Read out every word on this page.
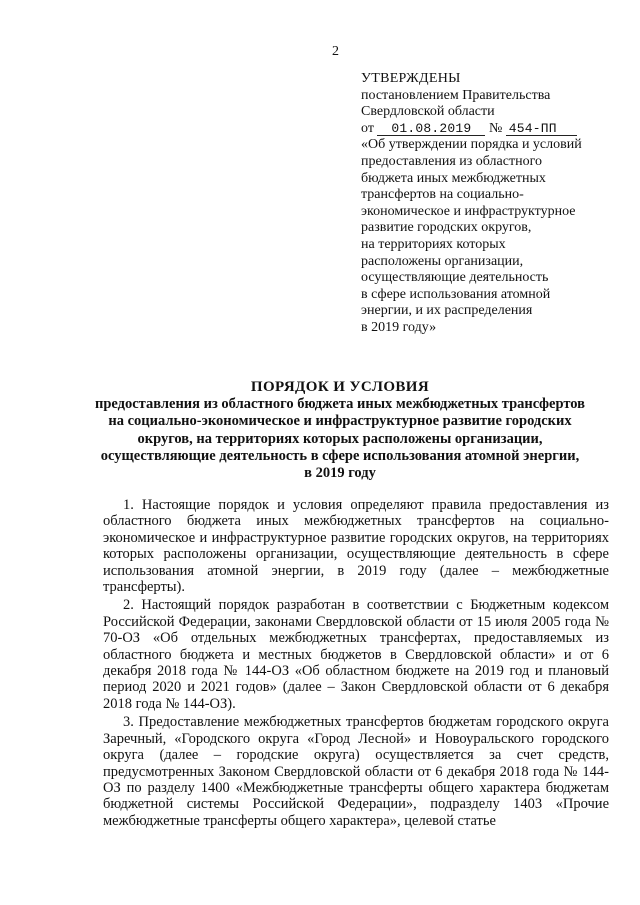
2
УТВЕРЖДЕНЫ
постановлением Правительства
Свердловской области
от 01.08.2019 № 454-ПП
«Об утверждении порядка и условий
предоставления из областного
бюджета иных межбюджетных
трансфертов на социально-
экономическое и инфраструктурное
развитие городских округов,
на территориях которых
расположены организации,
осуществляющие деятельность
в сфере использования атомной
энергии, и их распределения
в 2019 году»
ПОРЯДОК И УСЛОВИЯ
предоставления из областного бюджета иных межбюджетных трансфертов
на социально-экономическое и инфраструктурное развитие городских
округов, на территориях которых расположены организации,
осуществляющие деятельность в сфере использования атомной энергии,
в 2019 году

1. Настоящие порядок и условия определяют правила предоставления из областного бюджета иных межбюджетных трансфертов на социально-экономическое и инфраструктурное развитие городских округов, на территориях которых расположены организации, осуществляющие деятельность в сфере использования атомной энергии, в 2019 году (далее – межбюджетные трансферты).

2. Настоящий порядок разработан в соответствии с Бюджетным кодексом Российской Федерации, законами Свердловской области от 15 июля 2005 года № 70-ОЗ «Об отдельных межбюджетных трансфертах, предоставляемых из областного бюджета и местных бюджетов в Свердловской области» и от 6 декабря 2018 года № 144-ОЗ «Об областном бюджете на 2019 год и плановый период 2020 и 2021 годов» (далее – Закон Свердловской области от 6 декабря 2018 года № 144-ОЗ).

3. Предоставление межбюджетных трансфертов бюджетам городского округа Заречный, «Городского округа «Город Лесной» и Новоуральского городского округа (далее – городские округа) осуществляется за счет средств, предусмотренных Законом Свердловской области от 6 декабря 2018 года № 144-ОЗ по разделу 1400 «Межбюджетные трансферты общего характера бюджетам бюджетной системы Российской Федерации», подразделу 1403 «Прочие межбюджетные трансферты общего характера», целевой статье
